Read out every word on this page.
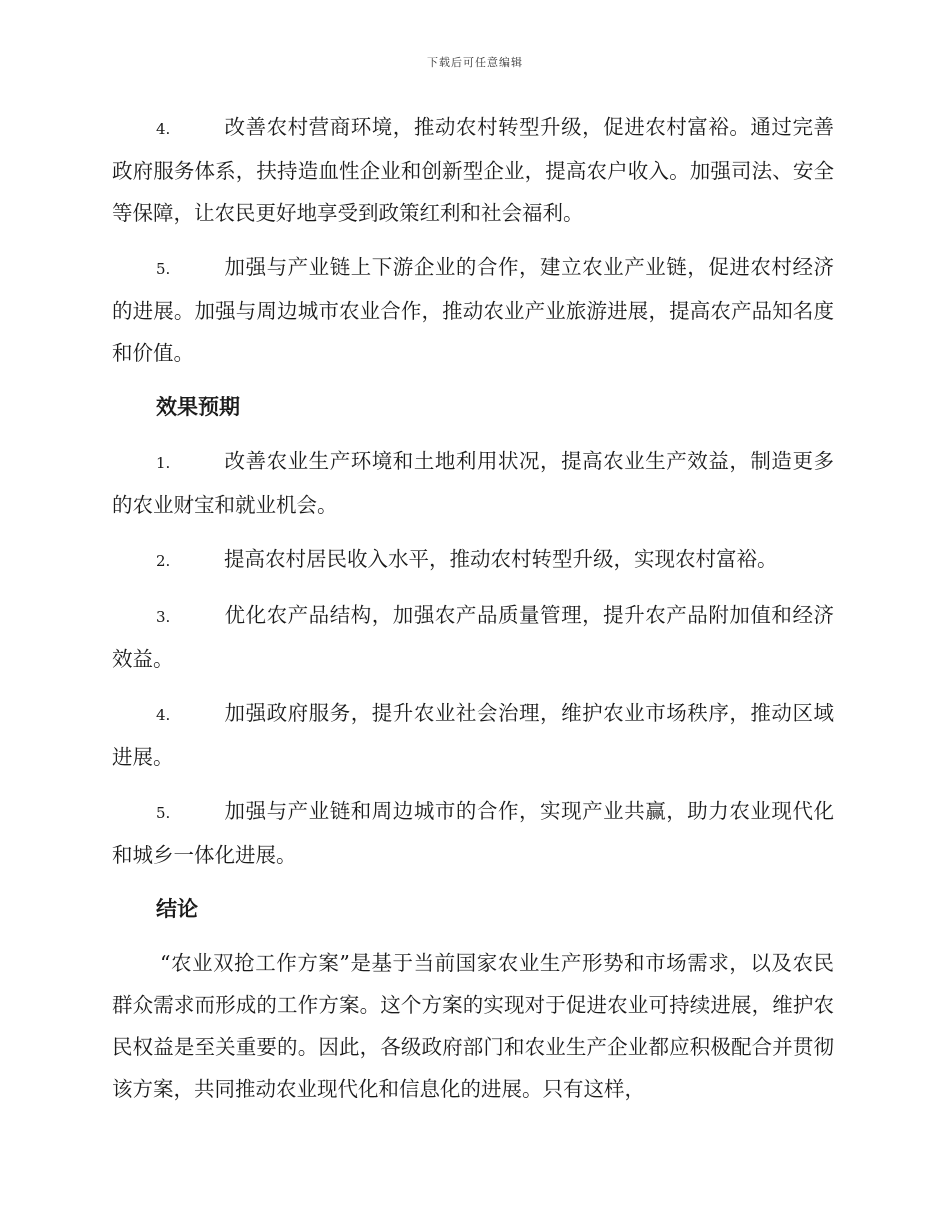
下载后可任意编辑

4.	改善农村营商环境，推动农村转型升级，促进农村富裕。通过完善政府服务体系，扶持造血性企业和创新型企业，提高农户收入。加强司法、安全等保障，让农民更好地享受到政策红利和社会福利。

5.	加强与产业链上下游企业的合作，建立农业产业链，促进农村经济的进展。加强与周边城市农业合作，推动农业产业旅游进展，提高农产品知名度和价值。

效果预期

1.	改善农业生产环境和土地利用状况，提高农业生产效益，制造更多的农业财宝和就业机会。

2.	提高农村居民收入水平，推动农村转型升级，实现农村富裕。

3.	优化农产品结构，加强农产品质量管理，提升农产品附加值和经济效益。

4.	加强政府服务，提升农业社会治理，维护农业市场秩序，推动区域进展。

5.	加强与产业链和周边城市的合作，实现产业共赢，助力农业现代化和城乡一体化进展。

结论

“农业双抢工作方案”是基于当前国家农业生产形势和市场需求，以及农民群众需求而形成的工作方案。这个方案的实现对于促进农业可持续进展，维护农民权益是至关重要的。因此，各级政府部门和农业生产企业都应积极配合并贯彻该方案，共同推动农业现代化和信息化的进展。只有这样，
